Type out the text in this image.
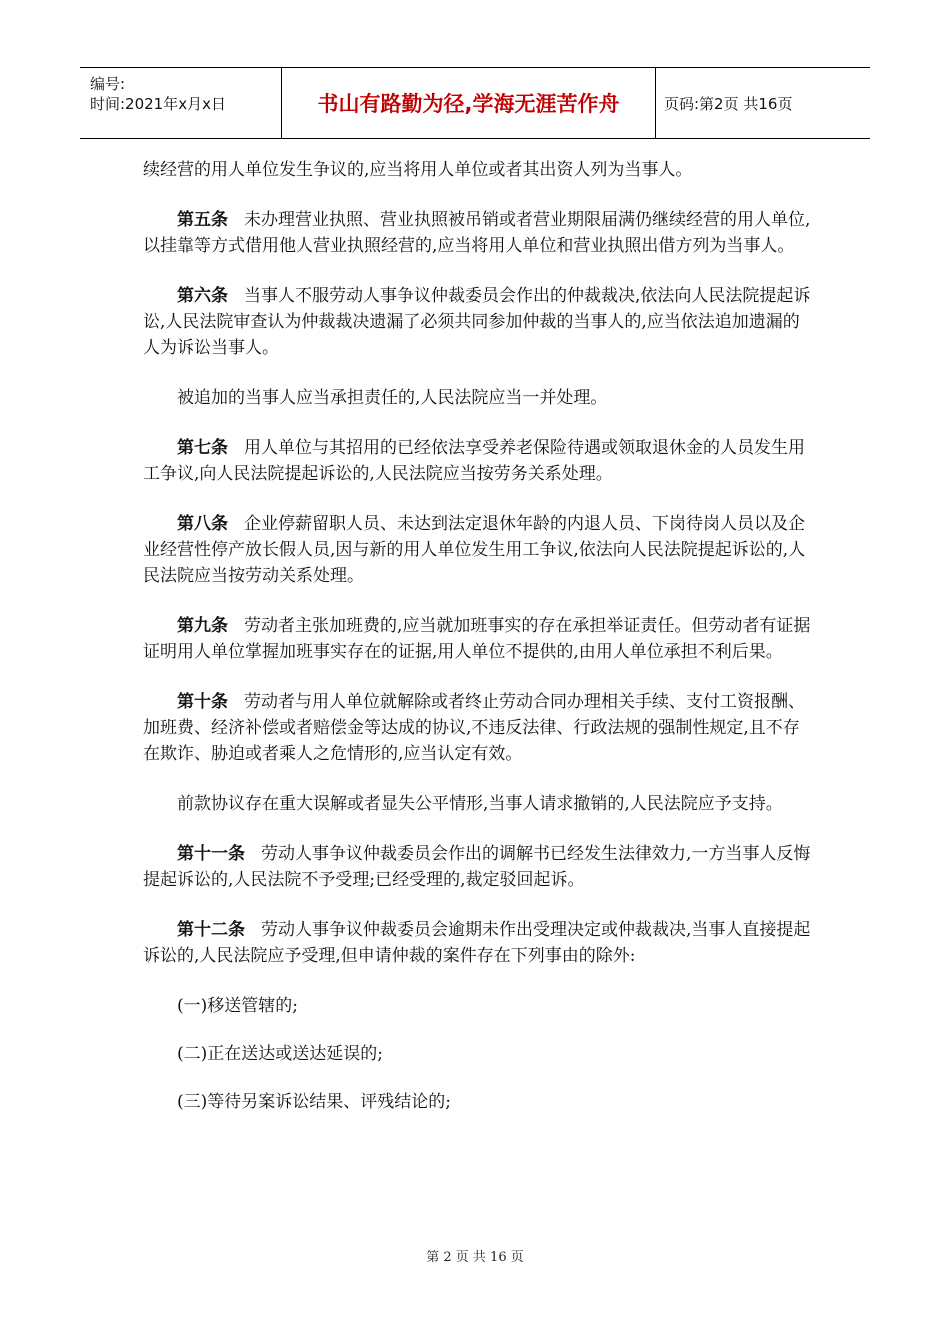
编号:
时间:2021年x月x日	书山有路勤为径,学海无涯苦作舟	页码:第2页 共16页

续经营的用人单位发生争议的,应当将用人单位或者其出资人列为当事人。

第五条 未办理营业执照、营业执照被吊销或者营业期限届满仍继续经营的用人单位,以挂靠等方式借用他人营业执照经营的,应当将用人单位和营业执照出借方列为当事人。

第六条 当事人不服劳动人事争议仲裁委员会作出的仲裁裁决,依法向人民法院提起诉讼,人民法院审查认为仲裁裁决遗漏了必须共同参加仲裁的当事人的,应当依法追加遗漏的人为诉讼当事人。

被追加的当事人应当承担责任的,人民法院应当一并处理。

第七条 用人单位与其招用的已经依法享受养老保险待遇或领取退休金的人员发生用工争议,向人民法院提起诉讼的,人民法院应当按劳务关系处理。

第八条 企业停薪留职人员、未达到法定退休年龄的内退人员、下岗待岗人员以及企业经营性停产放长假人员,因与新的用人单位发生用工争议,依法向人民法院提起诉讼的,人民法院应当按劳动关系处理。

第九条 劳动者主张加班费的,应当就加班事实的存在承担举证责任。但劳动者有证据证明用人单位掌握加班事实存在的证据,用人单位不提供的,由用人单位承担不利后果。

第十条 劳动者与用人单位就解除或者终止劳动合同办理相关手续、支付工资报酬、加班费、经济补偿或者赔偿金等达成的协议,不违反法律、行政法规的强制性规定,且不存在欺诈、胁迫或者乘人之危情形的,应当认定有效。

前款协议存在重大误解或者显失公平情形,当事人请求撤销的,人民法院应予支持。

第十一条 劳动人事争议仲裁委员会作出的调解书已经发生法律效力,一方当事人反悔提起诉讼的,人民法院不予受理;已经受理的,裁定驳回起诉。

第十二条 劳动人事争议仲裁委员会逾期未作出受理决定或仲裁裁决,当事人直接提起诉讼的,人民法院应予受理,但申请仲裁的案件存在下列事由的除外:

(一)移送管辖的;

(二)正在送达或送达延误的;

(三)等待另案诉讼结果、评残结论的;

第 2 页 共 16 页
